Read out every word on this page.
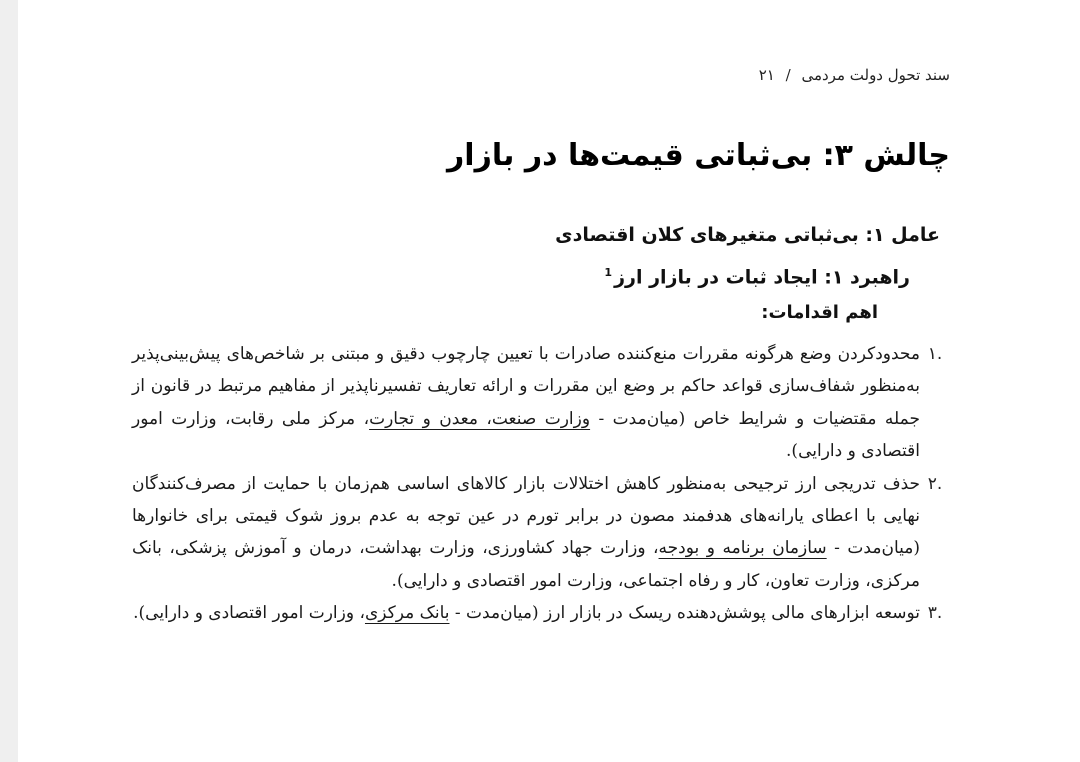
سند تحول دولت مردمی / ۲۱
چالش ۳: بی‌ثباتی قیمت‌ها در بازار
عامل ۱: بی‌ثباتی متغیرهای کلان اقتصادی
راهبرد ۱: ایجاد ثبات در بازار ارز$^1$
اهم اقدامات:
.۱
محدودکردن وضع هرگونه مقررات منع‌کننده صادرات با تعیین چارچوب دقیق و مبتنی بر شاخص‌های پیش‌بینی‌پذیر به‌منظور شفاف‌سازی قواعد حاکم بر وضع این مقررات و ارائه تعاریف تفسیرناپذیر از مفاهیم مرتبط در قانون از جمله مقتضیات و شرایط خاص (میان‌مدت - وزارت صنعت، معدن و تجارت، مرکز ملی رقابت، وزارت امور اقتصادی و دارایی).
.۲
حذف تدریجی ارز ترجیحی به‌منظور کاهش اختلالات بازار کالاهای اساسی هم‌زمان با حمایت از مصرف‌کنندگان نهایی با اعطای یارانه‌های هدفمند مصون در برابر تورم در عین توجه به عدم بروز شوک قیمتی برای خانوارها (میان‌مدت - سازمان برنامه و بودجه، وزارت جهاد کشاورزی، وزارت بهداشت، درمان و آموزش پزشکی، بانک مرکزی، وزارت تعاون، کار و رفاه اجتماعی، وزارت امور اقتصادی و دارایی).
.۳
توسعه ابزارهای مالی پوشش‌دهنده ریسک در بازار ارز (میان‌مدت - بانک مرکزی، وزارت امور اقتصادی و دارایی).
